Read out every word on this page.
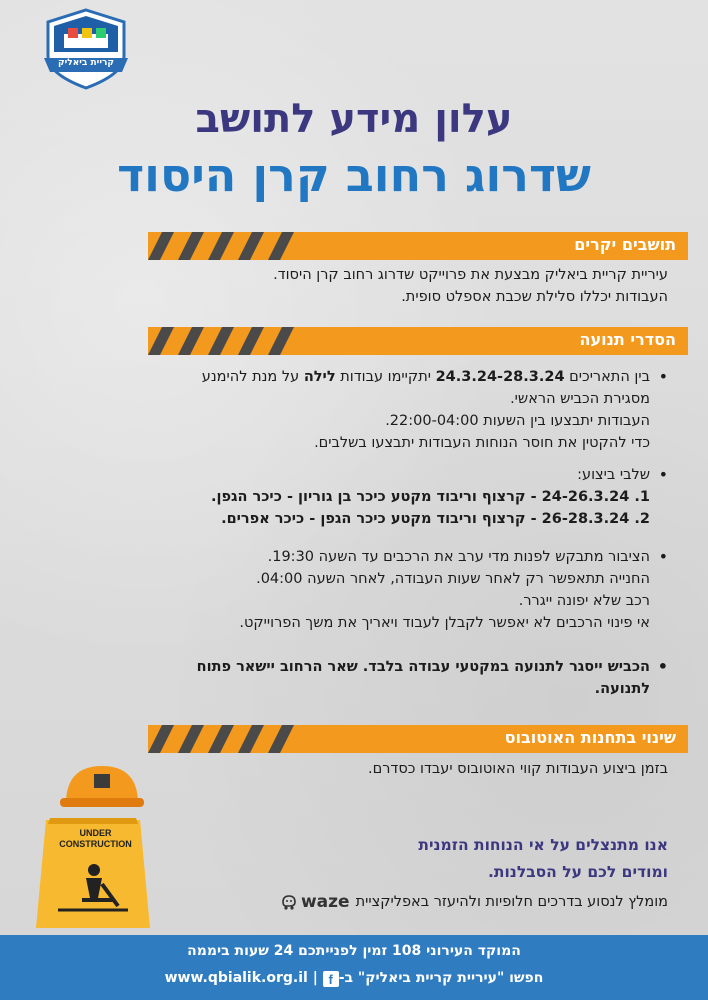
קריית ביאליק
עלון מידע לתושב
שדרוג רחוב קרן היסוד
תושבים יקרים
עיריית קריית ביאליק מבצעת את פרוייקט שדרוג רחוב קרן היסוד.
העבודות יכללו סלילת שכבת אספלט סופית.
הסדרי תנועה
• בין התאריכים 24.3.24-28.3.24 יתקיימו עבודות לילה על מנת להימנע
מסגירת הכביש הראשי.
העבודות יתבצעו בין השעות 22:00-04:00.
כדי להקטין את חוסר הנוחות העבודות יתבצעו בשלבים.
• שלבי ביצוע:
1. 24-26.3.24 - קרצוף וריבוד מקטע כיכר בן גוריון - כיכר הגפן.
2. 26-28.3.24 - קרצוף וריבוד מקטע כיכר הגפן - כיכר אפרים.
• הציבור מתבקש לפנות מדי ערב את הרכבים עד השעה 19:30.
החנייה תתאפשר רק לאחר שעות העבודה, לאחר השעה 04:00.
רכב שלא יפונה ייגרר.
אי פינוי הרכבים לא יאפשר לקבלן לעבוד ויאריך את משך הפרוייקט.
• הכביש ייסגר לתנועה במקטעי עבודה בלבד. שאר הרחוב יישאר פתוח
לתנועה.
שינוי בתחנות האוטובוס
בזמן ביצוע העבודות קווי האוטובוס יעבדו כסדרם.
UNDER
CONSTRUCTION	אנו מתנצלים על אי הנוחות הזמנית
ומודים לכם על הסבלנות.
מומלץ לנסוע בדרכים חלופיות ולהיעזר באפליקציית
waze
המוקד העירוני 108 זמין לפנייתכם 24 שעות ביממה
חפשו "עיריית קריית ביאליק" ב-f | www.qbialik.org.il
